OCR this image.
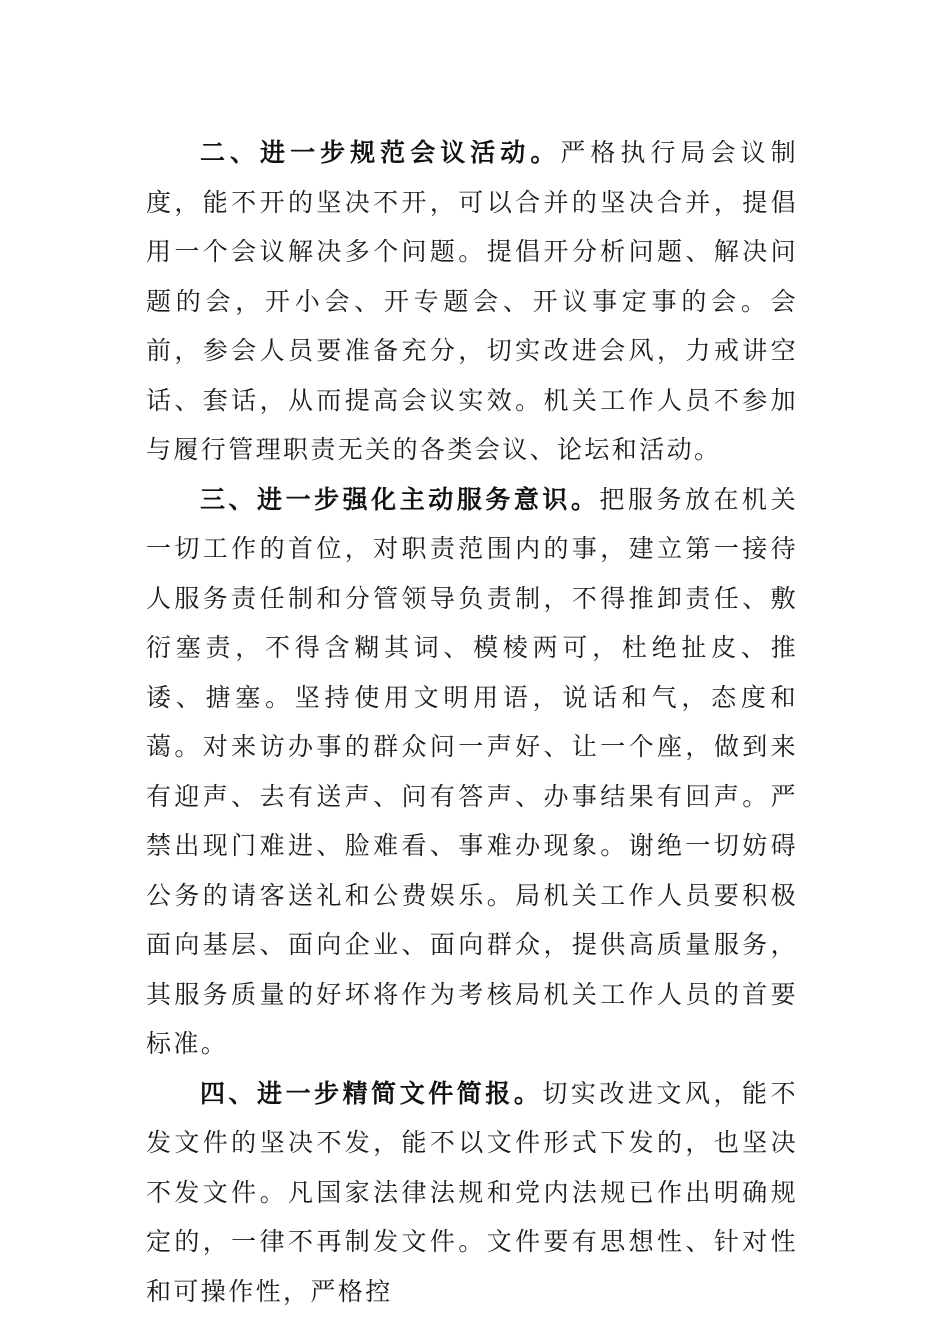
二、进一步规范会议活动。严格执行局会议制度，能不开的坚决不开，可以合并的坚决合并，提倡用一个会议解决多个问题。提倡开分析问题、解决问题的会，开小会、开专题会、开议事定事的会。会前，参会人员要准备充分，切实改进会风，力戒讲空话、套话，从而提高会议实效。机关工作人员不参加与履行管理职责无关的各类会议、论坛和活动。

三、进一步强化主动服务意识。把服务放在机关一切工作的首位，对职责范围内的事，建立第一接待人服务责任制和分管领导负责制，不得推卸责任、敷衍塞责，不得含糊其词、模棱两可，杜绝扯皮、推诿、搪塞。坚持使用文明用语，说话和气，态度和蔼。对来访办事的群众问一声好、让一个座，做到来有迎声、去有送声、问有答声、办事结果有回声。严禁出现门难进、脸难看、事难办现象。谢绝一切妨碍公务的请客送礼和公费娱乐。局机关工作人员要积极面向基层、面向企业、面向群众，提供高质量服务，其服务质量的好坏将作为考核局机关工作人员的首要标准。

四、进一步精简文件简报。切实改进文风，能不发文件的坚决不发，能不以文件形式下发的，也坚决不发文件。凡国家法律法规和党内法规已作出明确规定的，一律不再制发文件。文件要有思想性、针对性和可操作性，严格控
